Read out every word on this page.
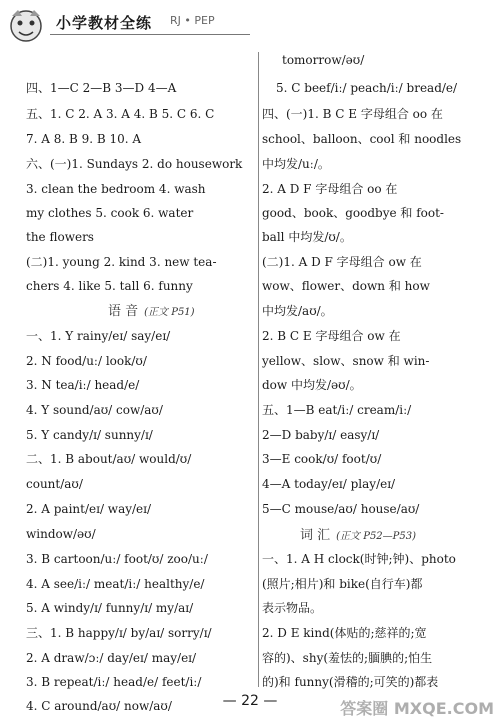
小学教材全练 RJ • PEP
四、1—C 2—B 3—D 4—A
五、1. C 2. A 3. A 4. B 5. C 6. C
7. A 8. B 9. B 10. A
六、(一)1. Sundays 2. do housework
3. clean the bedroom 4. wash
my clothes 5. cook 6. water
the flowers
(二)1. young 2. kind 3. new tea-
chers 4. like 5. tall 6. funny
语 音 (正文 P51)
一、1. Y rainy/eɪ/ say/eɪ/
2. N food/uː/ look/ʊ/
3. N tea/iː/ head/e/
4. Y sound/aʊ/ cow/aʊ/
5. Y candy/ɪ/ sunny/ɪ/
二、1. B about/aʊ/ would/ʊ/
count/aʊ/
2. A paint/eɪ/ way/eɪ/
window/əʊ/
3. B cartoon/uː/ foot/ʊ/ zoo/uː/
4. A see/iː/ meat/iː/ healthy/e/
5. A windy/ɪ/ funny/ɪ/ my/aɪ/
三、1. B happy/ɪ/ by/aɪ/ sorry/ɪ/
2. A draw/ɔː/ day/eɪ/ may/eɪ/
3. B repeat/iː/ head/e/ feet/iː/
4. C around/aʊ/ now/aʊ/
tomorrow/əʊ/
5. C beef/iː/ peach/iː/ bread/e/
四、(一)1. B C E 字母组合 oo 在
school、balloon、cool 和 noodles
中均发/uː/。
2. A D F 字母组合 oo 在
good、book、goodbye 和 foot-
ball 中均发/ʊ/。
(二)1. A D F 字母组合 ow 在
wow、flower、down 和 how
中均发/aʊ/。
2. B C E 字母组合 ow 在
yellow、slow、snow 和 win-
dow 中均发/əʊ/。
五、1—B eat/iː/ cream/iː/
2—D baby/ɪ/ easy/ɪ/
3—E cook/ʊ/ foot/ʊ/
4—A today/eɪ/ play/eɪ/
5—C mouse/aʊ/ house/aʊ/
词 汇 (正文 P52—P53)
一、1. A H clock(时钟;钟)、photo
(照片;相片)和 bike(自行车)都
表示物品。
2. D E kind(体贴的;慈祥的;宽
容的)、shy(羞怯的;腼腆的;怕生
的)和 funny(滑稽的;可笑的)都表
— 22 —	答案圈 MXQE.COM
